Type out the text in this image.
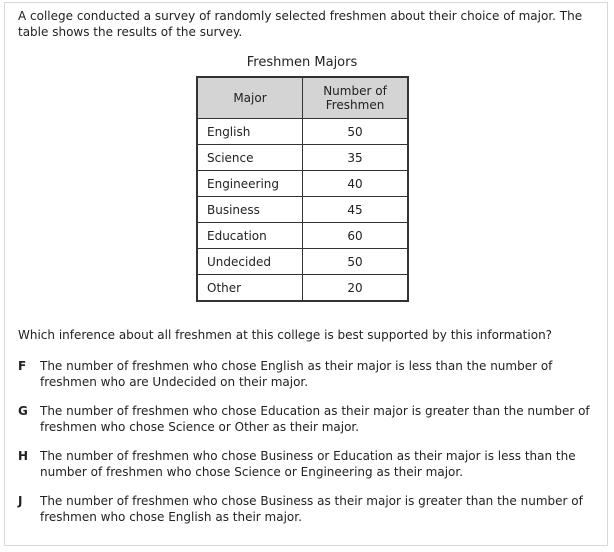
A college conducted a survey of randomly selected freshmen about their choice of major. The table shows the results of the survey.
Freshmen Majors
Major	Number of Freshmen
English	50
Science	35
Engineering	40
Business	45
Education	60
Undecided	50
Other	20
Which inference about all freshmen at this college is best supported by this information?
F The number of freshmen who chose English as their major is less than the number of freshmen who are Undecided on their major.
G The number of freshmen who chose Education as their major is greater than the number of freshmen who chose Science or Other as their major.
H The number of freshmen who chose Business or Education as their major is less than the number of freshmen who chose Science or Engineering as their major.
J The number of freshmen who chose Business as their major is greater than the number of freshmen who chose English as their major.
